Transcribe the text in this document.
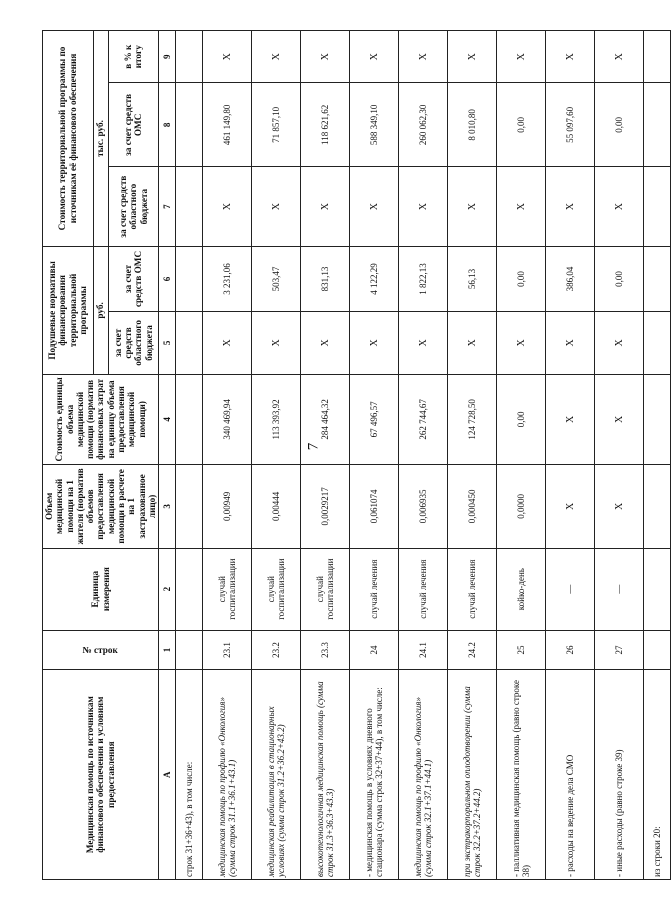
7
Медицинская помощь по источникам финансового обеспечения и условиям предоставления	№ строк	Единица измерения	Объем медицинской помощи на 1 жителя (норматив объемов предоставления медицинской помощи в расчете на 1 застрахованное лицо)	Стоимость единицы объема медицинской помощи (норматив финансовых затрат на единицу объема предоставления медицинской помощи)	Подушевые нормативы финансирования территориальной программы		Стоимость территориальной программы по источникам её финансового обеспечения		
					руб.		тыс. руб.		
					за счет средств областного бюджета	за счет средств ОМС	за счет средств областного бюджета	за счет средств ОМС	в % к итогу
А	1	2	3	4	5	6	7	8	9
строк 31+36+43), в том числе:									
медицинская помощь по профилю «Онкология» (сумма строк 31.1+36.1+43.1)	23.1	случай госпитализации	0,00949	340 469,94	Х	3 231,06	Х	461 149,80	Х
медицинская реабилитация в стационарных условиях (сумма строк 31.2+36.2+43.2)	23.2	случай госпитализации	0,00444	113 393,92	Х	503,47	Х	71 857,10	Х
высокотехнологичная медицинская помощь (сумма строк 31.3+36.3+43.3)	23.3	случай госпитализации	0,0029217	284 464,32	Х	831,13	Х	118 621,62	Х
- медицинская помощь в условиях дневного стационара (сумма строк 32+37+44), в том числе:	24	случай лечения	0,061074	67 496,57	Х	4 122,29	Х	588 349,10	Х
медицинская помощь по профилю «Онкология» (сумма строк 32.1+37.1+44.1)	24.1	случай лечения	0,006935	262 744,67	Х	1 822,13	Х	260 062,30	Х
при экстракорпоральном оплодотворении (сумма строк 32.2+37.2+44.2)	24.2	случай лечения	0,000450	124 728,50	Х	56,13	Х	8 010,80	Х
- паллиативная медицинская помощь (равно строке 38)	25	койко-день	0,0000	0,00	Х	0,00	Х	0,00	Х
- расходы на ведение дела СМО	26	—	Х	Х	Х	386,04	Х	55 097,60	Х
- иные расходы (равно строке 39)	27	—	Х	Х	Х	0,00	Х	0,00	Х
из строки 20:									
